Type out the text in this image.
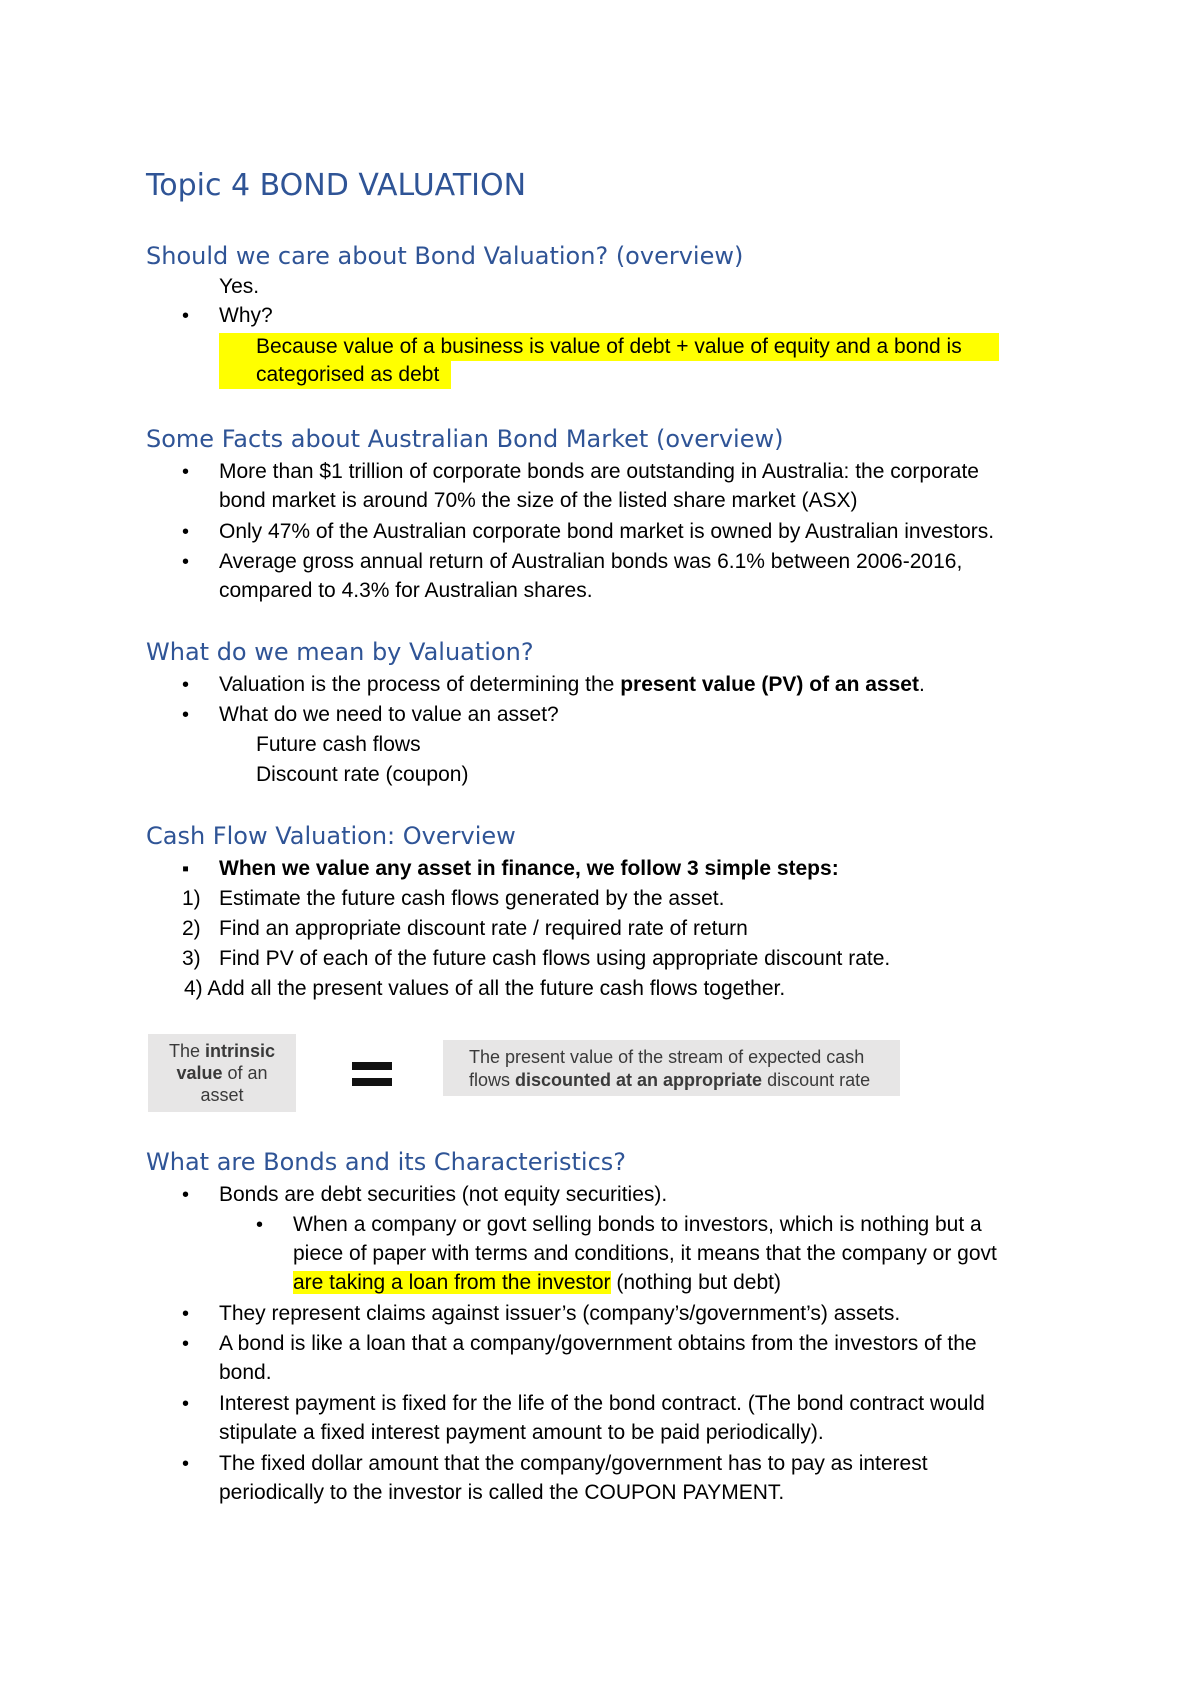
Topic 4 BOND VALUATION
Should we care about Bond Valuation? (overview)
Yes.
• Why?
Because value of a business is value of debt + value of equity and a bond is
categorised as debt
Some Facts about Australian Bond Market (overview)
• More than $1 trillion of corporate bonds are outstanding in Australia: the corporate
bond market is around 70% the size of the listed share market (ASX)
• Only 47% of the Australian corporate bond market is owned by Australian investors.
• Average gross annual return of Australian bonds was 6.1% between 2006-2016,
compared to 4.3% for Australian shares.
What do we mean by Valuation?
• Valuation is the process of determining the present value (PV) of an asset.
• What do we need to value an asset?
Future cash flows
Discount rate (coupon)
Cash Flow Valuation: Overview
▪ When we value any asset in finance, we follow 3 simple steps:
1) Estimate the future cash flows generated by the asset.
2) Find an appropriate discount rate / required rate of return
3) Find PV of each of the future cash flows using appropriate discount rate.
4) Add all the present values of all the future cash flows together.
The intrinsic
value of an
asset
The present value of the stream of expected cash
flows discounted at an appropriate discount rate
What are Bonds and its Characteristics?
• Bonds are debt securities (not equity securities).
• When a company or govt selling bonds to investors, which is nothing but a
piece of paper with terms and conditions, it means that the company or govt
are taking a loan from the investor (nothing but debt)
• They represent claims against issuer’s (company’s/government’s) assets.
• A bond is like a loan that a company/government obtains from the investors of the
bond.
• Interest payment is fixed for the life of the bond contract. (The bond contract would
stipulate a fixed interest payment amount to be paid periodically).
• The fixed dollar amount that the company/government has to pay as interest
periodically to the investor is called the COUPON PAYMENT.
